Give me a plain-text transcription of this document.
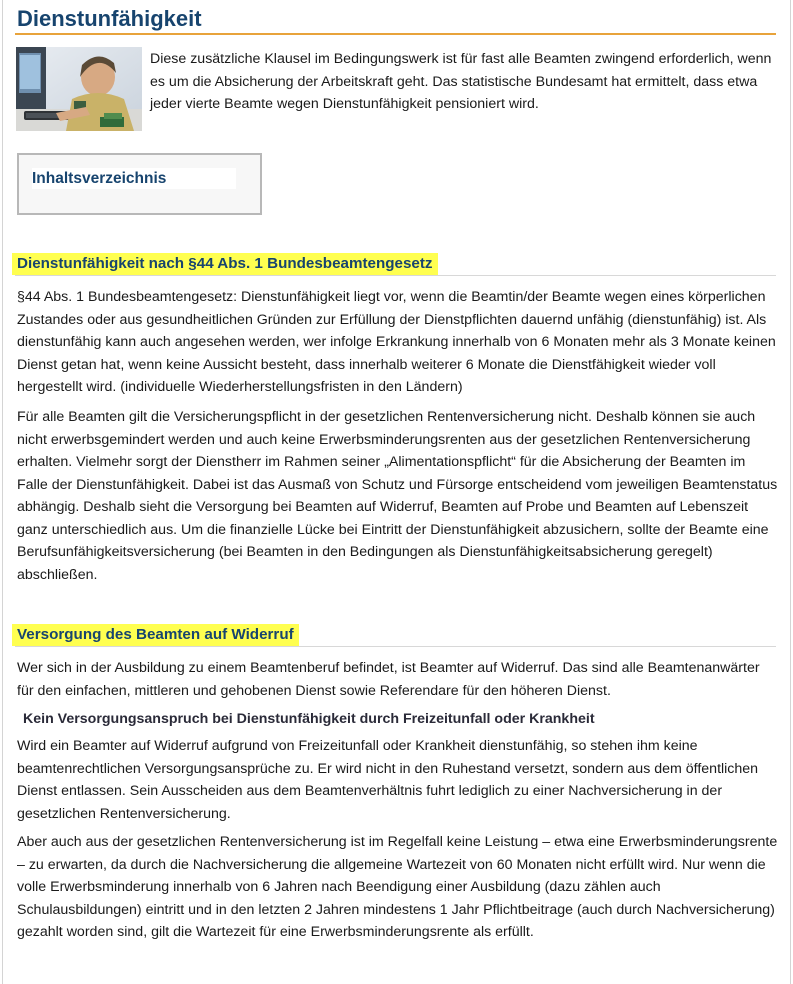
Dienstunfähigkeit

Diese zusätzliche Klausel im Bedingungswerk ist für fast alle Beamten zwingend erforderlich, wenn es um die Absicherung der Arbeitskraft geht. Das statistische Bundesamt hat ermittelt, dass etwa jeder vierte Beamte wegen Dienstunfähigkeit pensioniert wird.

Inhaltsverzeichnis
Dienstunfähigkeit nach §44 Abs. 1 Bundesbeamtengesetz

§44 Abs. 1 Bundesbeamtengesetz: Dienstunfähigkeit liegt vor, wenn die Beamtin/der Beamte wegen eines körperlichen Zustandes oder aus gesundheitlichen Gründen zur Erfüllung der Dienstpflichten dauernd unfähig (dienstunfähig) ist. Als dienstunfähig kann auch angesehen werden, wer infolge Erkrankung innerhalb von 6 Monaten mehr als 3 Monate keinen Dienst getan hat, wenn keine Aussicht besteht, dass innerhalb weiterer 6 Monate die Dienstfähigkeit wieder voll hergestellt wird. (individuelle Wiederherstellungsfristen in den Ländern)

Für alle Beamten gilt die Versicherungspflicht in der gesetzlichen Rentenversicherung nicht. Deshalb können sie auch nicht erwerbsgemindert werden und auch keine Erwerbsminderungsrenten aus der gesetzlichen Rentenversicherung erhalten. Vielmehr sorgt der Dienstherr im Rahmen seiner „Alimentationspflicht“ für die Absicherung der Beamten im Falle der Dienstunfähigkeit. Dabei ist das Ausmaß von Schutz und Fürsorge entscheidend vom jeweiligen Beamtenstatus abhängig. Deshalb sieht die Versorgung bei Beamten auf Widerruf, Beamten auf Probe und Beamten auf Lebenszeit ganz unterschiedlich aus. Um die finanzielle Lücke bei Eintritt der Dienstunfähigkeit abzusichern, sollte der Beamte eine Berufsunfähigkeitsversicherung (bei Beamten in den Bedingungen als Dienstunfähigkeitsabsicherung geregelt) abschließen.

Versorgung des Beamten auf Widerruf

Wer sich in der Ausbildung zu einem Beamtenberuf befindet, ist Beamter auf Widerruf. Das sind alle Beamtenanwärter für den einfachen, mittleren und gehobenen Dienst sowie Referendare für den höheren Dienst.

Kein Versorgungsanspruch bei Dienstunfähigkeit durch Freizeitunfall oder Krankheit

Wird ein Beamter auf Widerruf aufgrund von Freizeitunfall oder Krankheit dienstunfähig, so stehen ihm keine beamtenrechtlichen Versorgungsansprüche zu. Er wird nicht in den Ruhestand versetzt, sondern aus dem öffentlichen Dienst entlassen. Sein Ausscheiden aus dem Beamtenverhältnis fuhrt lediglich zu einer Nachversicherung in der gesetzlichen Rentenversicherung.

Aber auch aus der gesetzlichen Rentenversicherung ist im Regelfall keine Leistung – etwa eine Erwerbsminderungsrente – zu erwarten, da durch die Nachversicherung die allgemeine Wartezeit von 60 Monaten nicht erfüllt wird. Nur wenn die volle Erwerbsminderung innerhalb von 6 Jahren nach Beendigung einer Ausbildung (dazu zählen auch Schulausbildungen) eintritt und in den letzten 2 Jahren mindestens 1 Jahr Pflichtbeitrage (auch durch Nachversicherung) gezahlt worden sind, gilt die Wartezeit für eine Erwerbsminderungsrente als erfüllt.
